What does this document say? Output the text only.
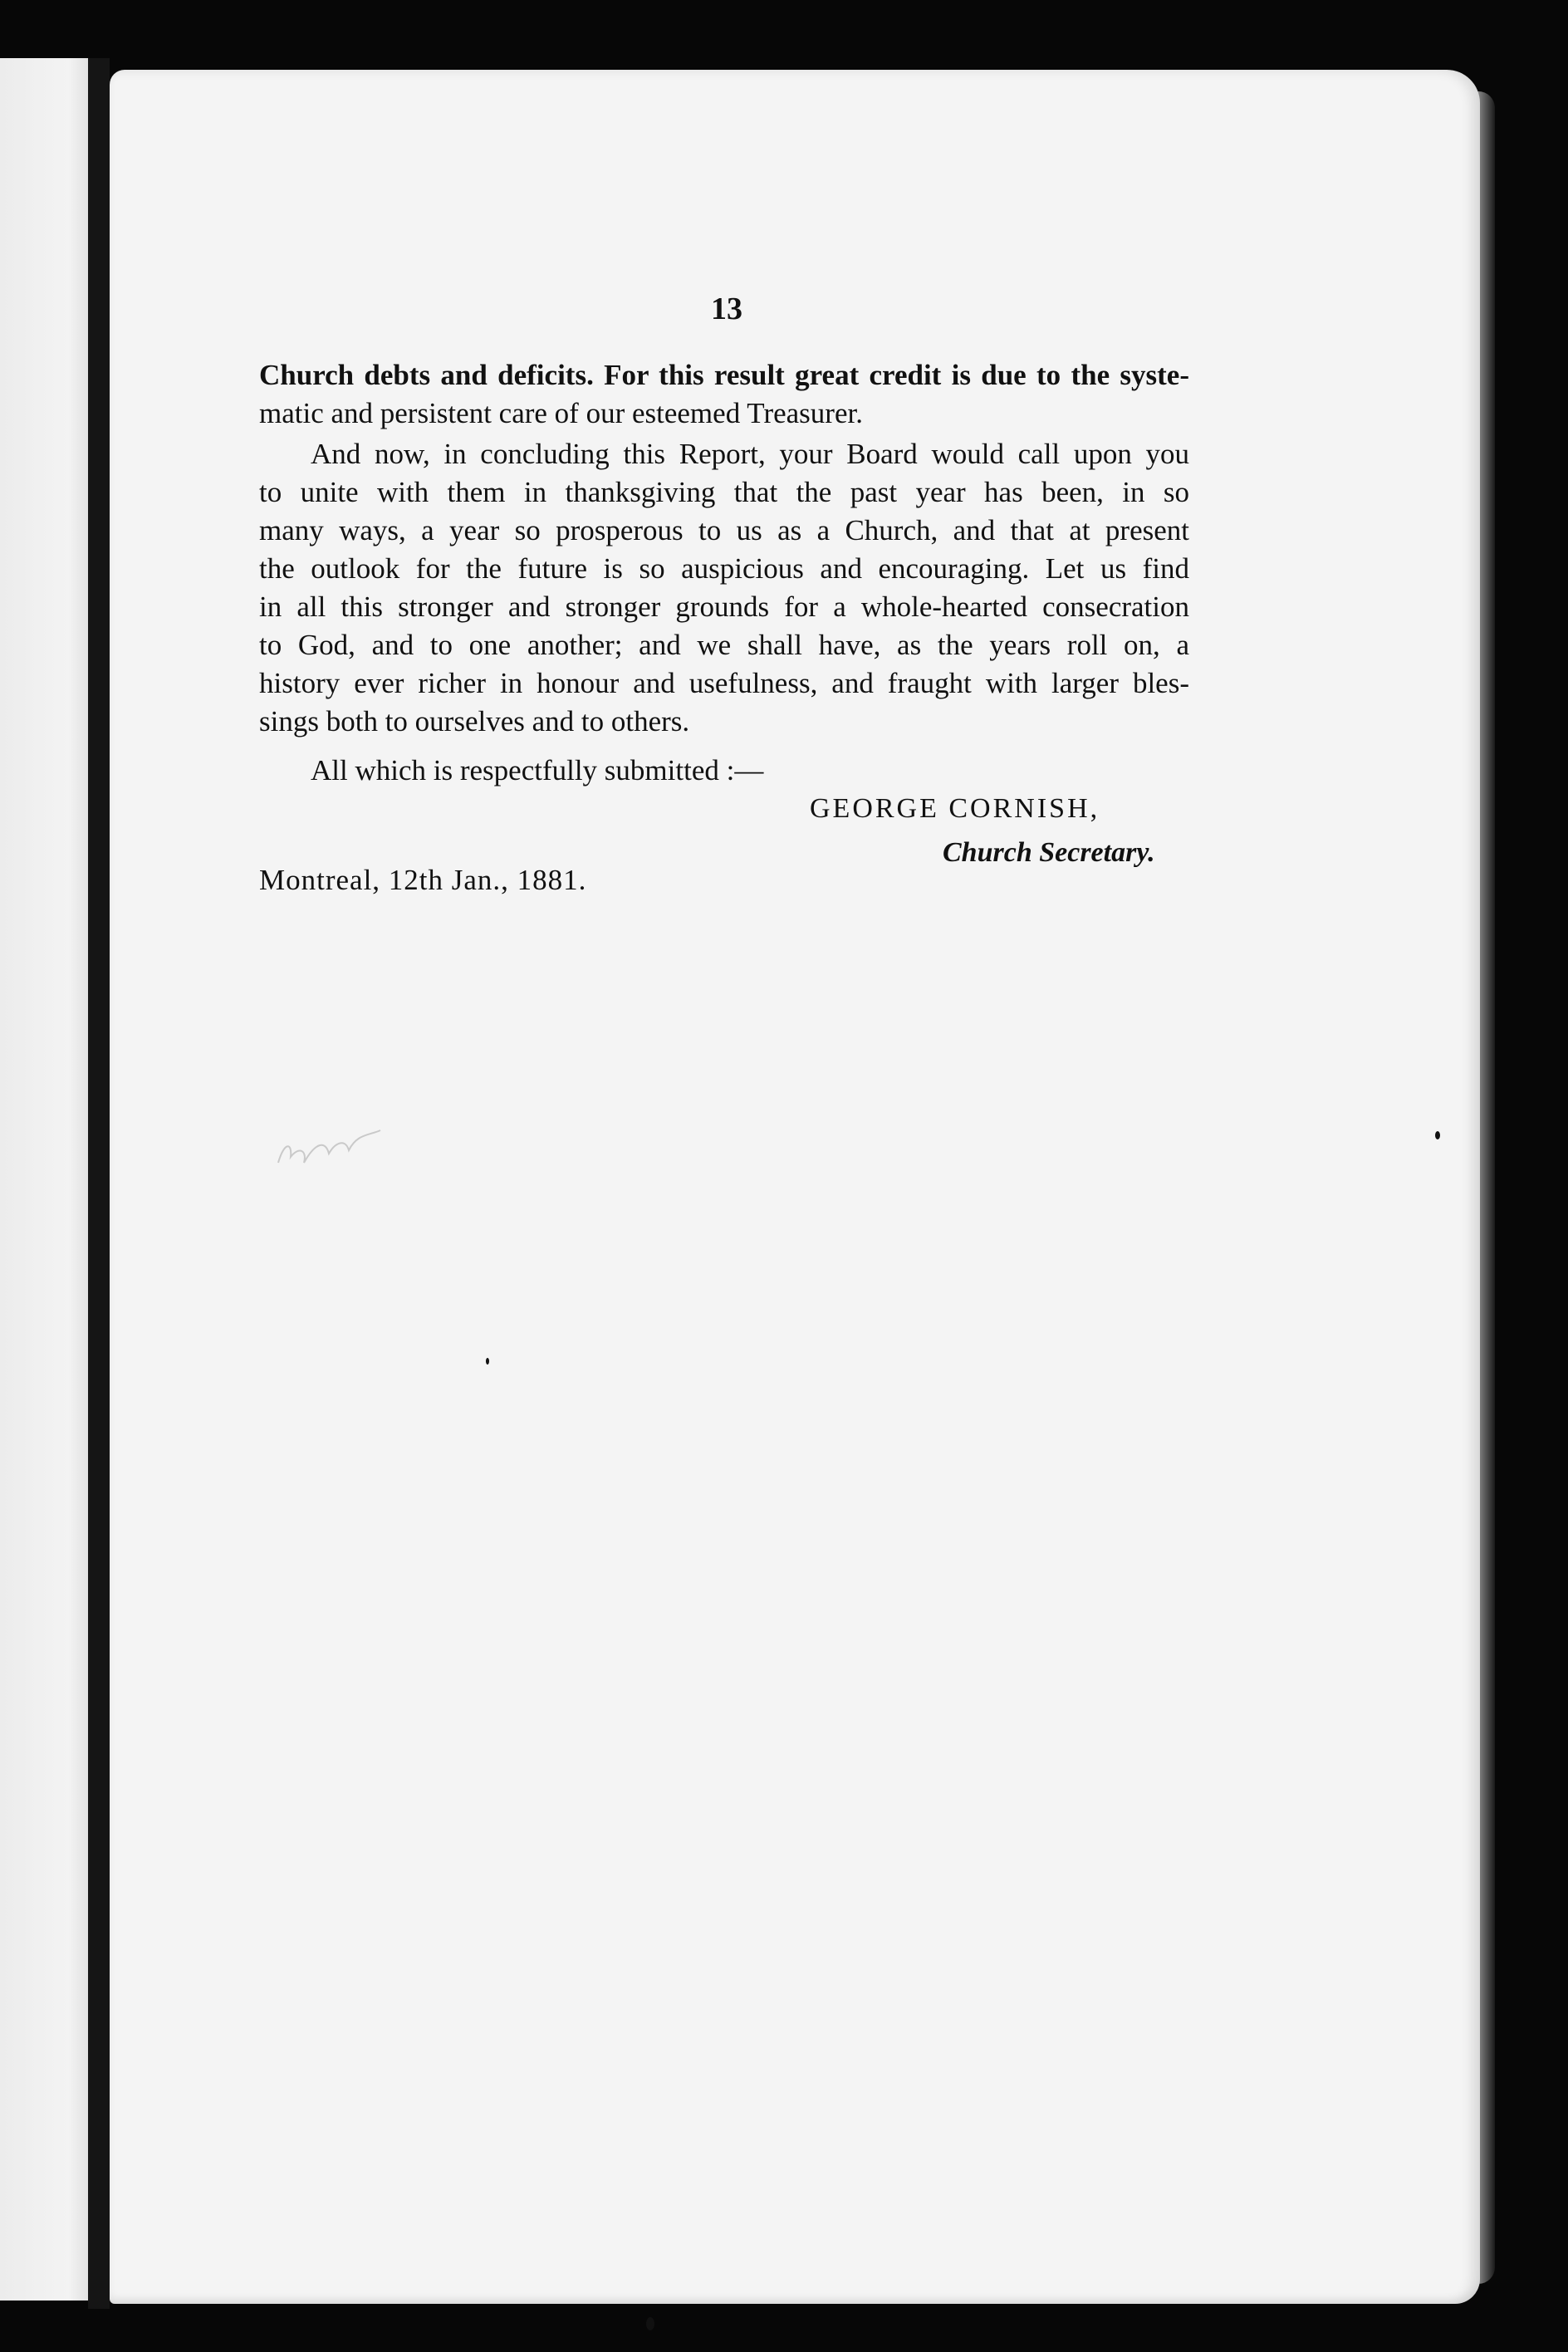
13
Church debts and deficits. For this result great credit is due to the syste-
matic and persistent care of our esteemed Treasurer.
And now, in concluding this Report, your Board would call upon you
to unite with them in thanksgiving that the past year has been, in so
many ways, a year so prosperous to us as a Church, and that at present
the outlook for the future is so auspicious and encouraging. Let us find
in all this stronger and stronger grounds for a whole-hearted consecration
to God, and to one another; and we shall have, as the years roll on, a
history ever richer in honour and usefulness, and fraught with larger bles-
sings both to ourselves and to others.
All which is respectfully submitted :—
GEORGE CORNISH,
Church Secretary.
Montreal, 12th Jan., 1881.
